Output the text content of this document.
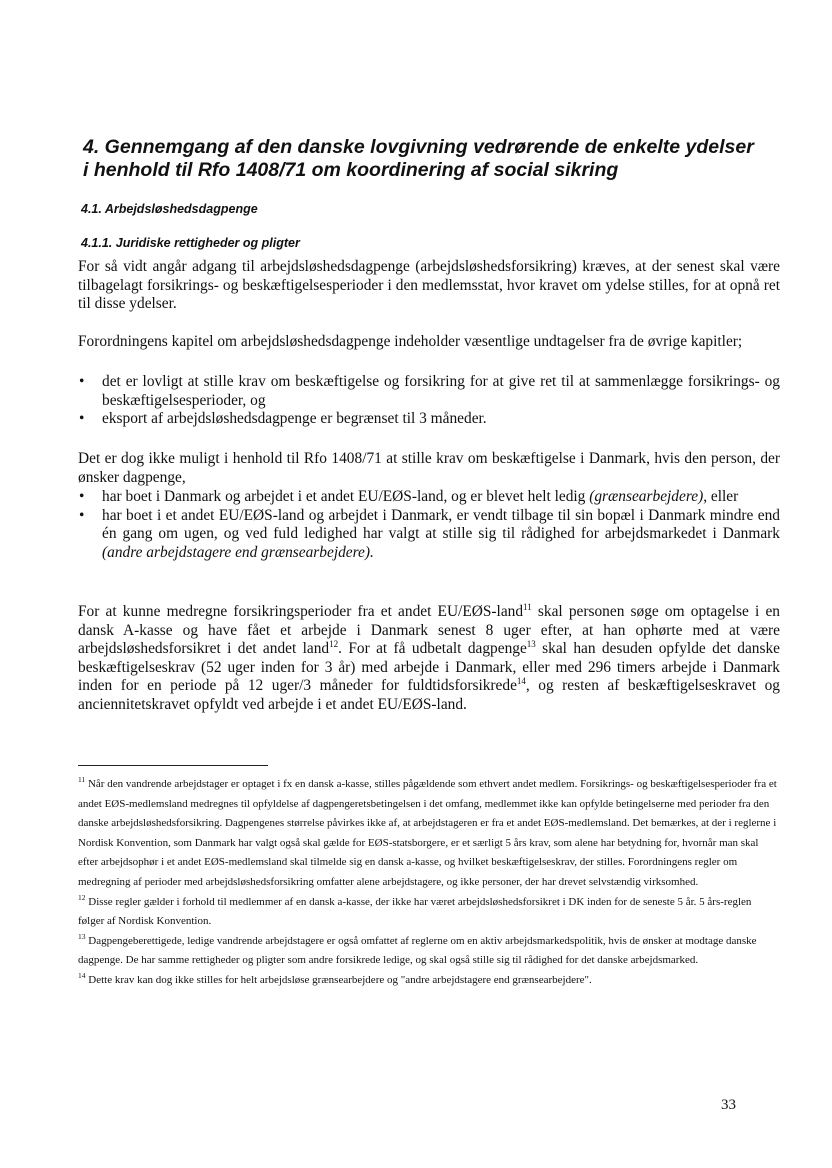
4. Gennemgang af den danske lovgivning vedrørende de enkelte ydelser
i henhold til Rfo 1408/71 om koordinering af social sikring
4.1. Arbejdsløshedsdagpenge
4.1.1. Juridiske rettigheder og pligter

For så vidt angår adgang til arbejdsløshedsdagpenge (arbejdsløshedsforsikring) kræves, at der senest skal være tilbagelagt forsikrings- og beskæftigelsesperioder i den medlemsstat, hvor kravet om ydelse stilles, for at opnå ret til disse ydelser.

Forordningens kapitel om arbejdsløshedsdagpenge indeholder væsentlige undtagelser fra de øvrige kapitler;

• det er lovligt at stille krav om beskæftigelse og forsikring for at give ret til at sammenlægge forsikrings- og beskæftigelsesperioder, og
• eksport af arbejdsløshedsdagpenge er begrænset til 3 måneder.

Det er dog ikke muligt i henhold til Rfo 1408/71 at stille krav om beskæftigelse i Danmark, hvis den person, der ønsker dagpenge,

• har boet i Danmark og arbejdet i et andet EU/EØS-land, og er blevet helt ledig (grænsearbejdere), eller
• har boet i et andet EU/EØS-land og arbejdet i Danmark, er vendt tilbage til sin bopæl i Danmark mindre end én gang om ugen, og ved fuld ledighed har valgt at stille sig til rådighed for arbejdsmarkedet i Danmark (andre arbejdstagere end grænsearbejdere).

For at kunne medregne forsikringsperioder fra et andet EU/EØS-land$^{11}$ skal personen søge om optagelse i en dansk A-kasse og have fået et arbejde i Danmark senest 8 uger efter, at han ophørte med at være arbejdsløshedsforsikret i det andet land$^{12}$. For at få udbetalt dagpenge$^{13}$ skal han desuden opfylde det danske beskæftigelseskrav (52 uger inden for 3 år) med arbejde i Danmark, eller med 296 timers arbejde i Danmark inden for en periode på 12 uger/3 måneder for fuldtidsforsikrede$^{14}$, og resten af beskæftigelseskravet og anciennitetskravet opfyldt ved arbejde i et andet EU/EØS-land.

$^{11}$ Når den vandrende arbejdstager er optaget i fx en dansk a-kasse, stilles pågældende som ethvert andet medlem. Forsikrings- og beskæftigelsesperioder fra et andet EØS-medlemsland medregnes til opfyldelse af dagpengeretsbetingelsen i det omfang, medlemmet ikke kan opfylde betingelserne med perioder fra den danske arbejdsløshedsforsikring. Dagpengenes størrelse påvirkes ikke af, at arbejdstageren er fra et andet EØS-medlemsland. Det bemærkes, at der i reglerne i Nordisk Konvention, som Danmark har valgt også skal gælde for EØS-statsborgere, er et særligt 5 års krav, som alene har betydning for, hvornår man skal efter arbejdsophør i et andet EØS-medlemsland skal tilmelde sig en dansk a-kasse, og hvilket beskæftigelseskrav, der stilles. Forordningens regler om medregning af perioder med arbejdsløshedsforsikring omfatter alene arbejdstagere, og ikke personer, der har drevet selvstændig virksomhed.

$^{12}$ Disse regler gælder i forhold til medlemmer af en dansk a-kasse, der ikke har været arbejdsløshedsforsikret i DK inden for de seneste 5 år. 5 års-reglen følger af Nordisk Konvention.

$^{13}$ Dagpengeberettigede, ledige vandrende arbejdstagere er også omfattet af reglerne om en aktiv arbejdsmarkedspolitik, hvis de ønsker at modtage danske dagpenge. De har samme rettigheder og pligter som andre forsikrede ledige, og skal også stille sig til rådighed for det danske arbejdsmarked.

$^{14}$ Dette krav kan dog ikke stilles for helt arbejdsløse grænsearbejdere og "andre arbejdstagere end grænsearbejdere".

33
